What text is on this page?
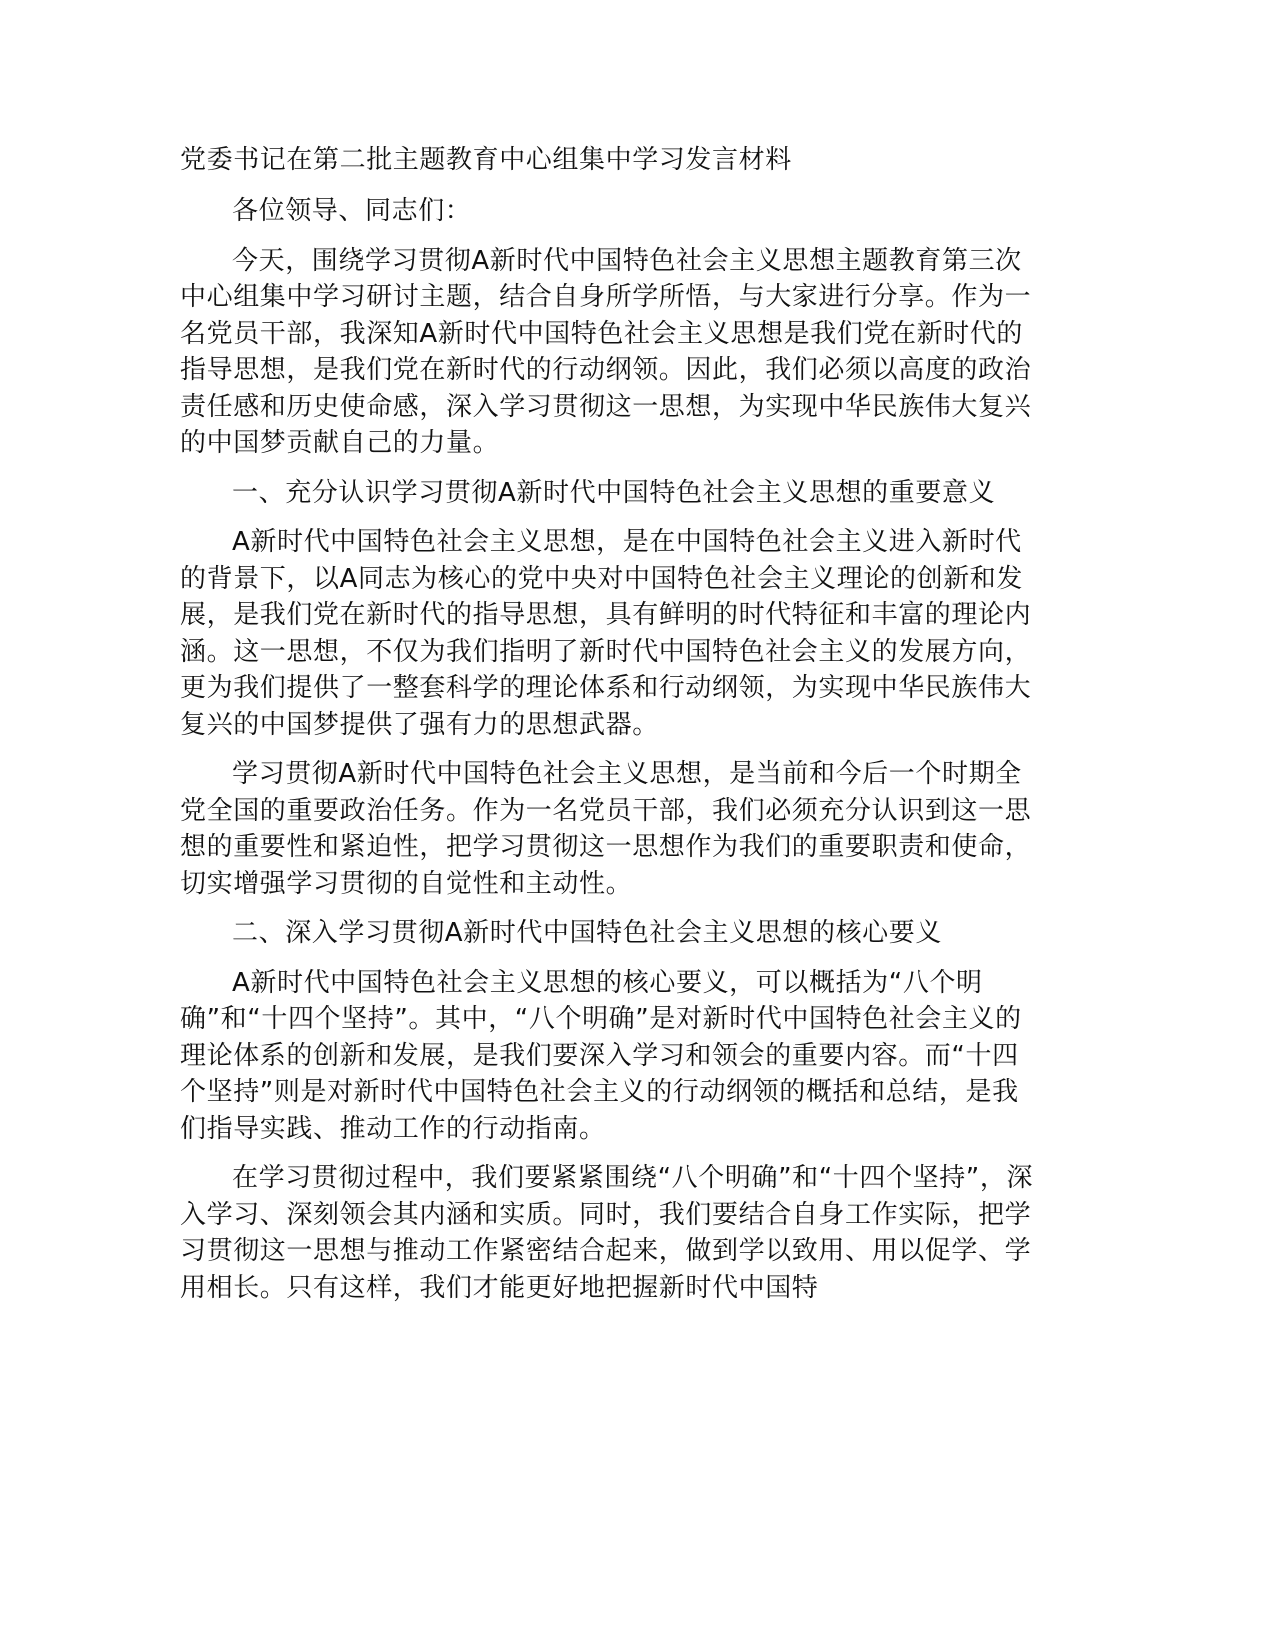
党委书记在第二批主题教育中心组集中学习发言材料

各位领导、同志们：

今天，围绕学习贯彻A新时代中国特色社会主义思想主题教育第三次中心组集中学习研讨主题，结合自身所学所悟，与大家进行分享。作为一名党员干部，我深知A新时代中国特色社会主义思想是我们党在新时代的指导思想，是我们党在新时代的行动纲领。因此，我们必须以高度的政治责任感和历史使命感，深入学习贯彻这一思想，为实现中华民族伟大复兴的中国梦贡献自己的力量。

一、充分认识学习贯彻A新时代中国特色社会主义思想的重要意义

A新时代中国特色社会主义思想，是在中国特色社会主义进入新时代的背景下，以A同志为核心的党中央对中国特色社会主义理论的创新和发展，是我们党在新时代的指导思想，具有鲜明的时代特征和丰富的理论内涵。这一思想，不仅为我们指明了新时代中国特色社会主义的发展方向，更为我们提供了一整套科学的理论体系和行动纲领，为实现中华民族伟大复兴的中国梦提供了强有力的思想武器。

学习贯彻A新时代中国特色社会主义思想，是当前和今后一个时期全党全国的重要政治任务。作为一名党员干部，我们必须充分认识到这一思想的重要性和紧迫性，把学习贯彻这一思想作为我们的重要职责和使命，切实增强学习贯彻的自觉性和主动性。

二、深入学习贯彻A新时代中国特色社会主义思想的核心要义

A新时代中国特色社会主义思想的核心要义，可以概括为“八个明确”和“十四个坚持”。其中，“八个明确”是对新时代中国特色社会主义的理论体系的创新和发展，是我们要深入学习和领会的重要内容。而“十四个坚持”则是对新时代中国特色社会主义的行动纲领的概括和总结，是我们指导实践、推动工作的行动指南。

在学习贯彻过程中，我们要紧紧围绕“八个明确”和“十四个坚持”，深入学习、深刻领会其内涵和实质。同时，我们要结合自身工作实际，把学习贯彻这一思想与推动工作紧密结合起来，做到学以致用、用以促学、学用相长。只有这样，我们才能更好地把握新时代中国特
